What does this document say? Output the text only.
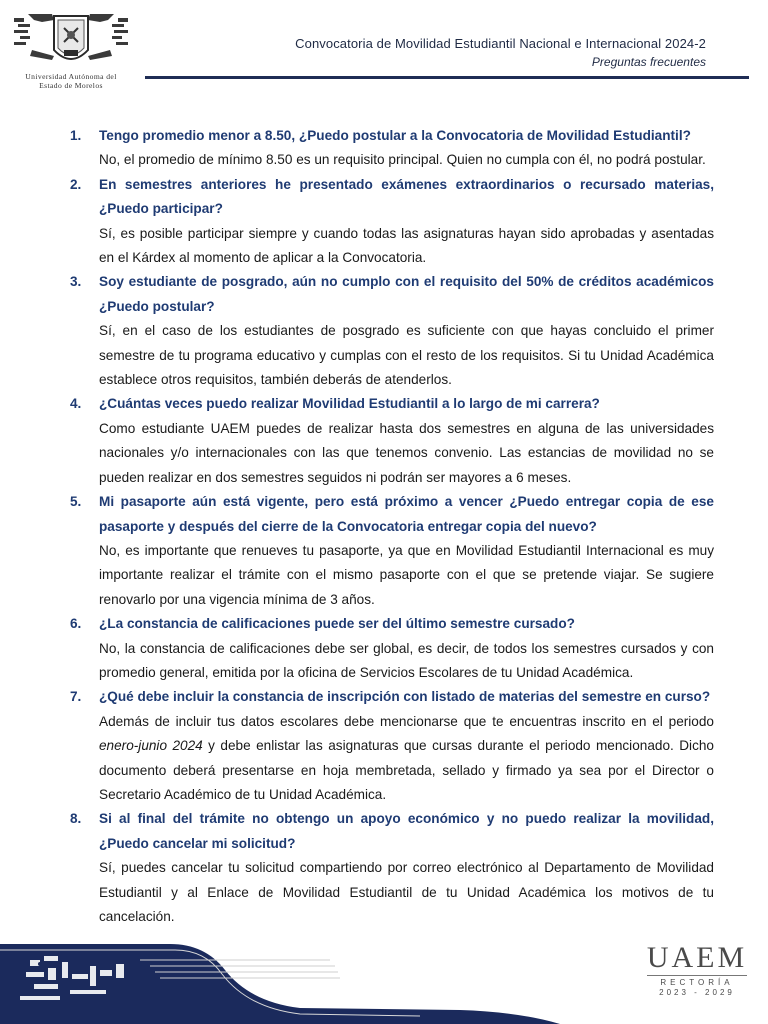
Universidad Autónoma del
Estado de Morelos
Convocatoria de Movilidad Estudiantil Nacional e Internacional 2024-2
Preguntas frecuentes
1. Tengo promedio menor a 8.50, ¿Puedo postular a la Convocatoria de Movilidad Estudiantil?
No, el promedio de mínimo 8.50 es un requisito principal. Quien no cumpla con él, no podrá postular.
2. En semestres anteriores he presentado exámenes extraordinarios o recursado materias, ¿Puedo participar?
Sí, es posible participar siempre y cuando todas las asignaturas hayan sido aprobadas y asentadas en el Kárdex al momento de aplicar a la Convocatoria.
3. Soy estudiante de posgrado, aún no cumplo con el requisito del 50% de créditos académicos ¿Puedo postular?
Sí, en el caso de los estudiantes de posgrado es suficiente con que hayas concluido el primer semestre de tu programa educativo y cumplas con el resto de los requisitos. Si tu Unidad Académica establece otros requisitos, también deberás de atenderlos.
4. ¿Cuántas veces puedo realizar Movilidad Estudiantil a lo largo de mi carrera?
Como estudiante UAEM puedes de realizar hasta dos semestres en alguna de las universidades nacionales y/o internacionales con las que tenemos convenio. Las estancias de movilidad no se pueden realizar en dos semestres seguidos ni podrán ser mayores a 6 meses.
5. Mi pasaporte aún está vigente, pero está próximo a vencer ¿Puedo entregar copia de ese pasaporte y después del cierre de la Convocatoria entregar copia del nuevo?
No, es importante que renueves tu pasaporte, ya que en Movilidad Estudiantil Internacional es muy importante realizar el trámite con el mismo pasaporte con el que se pretende viajar. Se sugiere renovarlo por una vigencia mínima de 3 años.
6. ¿La constancia de calificaciones puede ser del último semestre cursado?
No, la constancia de calificaciones debe ser global, es decir, de todos los semestres cursados y con promedio general, emitida por la oficina de Servicios Escolares de tu Unidad Académica.
7. ¿Qué debe incluir la constancia de inscripción con listado de materias del semestre en curso?
Además de incluir tus datos escolares debe mencionarse que te encuentras inscrito en el periodo enero-junio 2024 y debe enlistar las asignaturas que cursas durante el periodo mencionado. Dicho documento deberá presentarse en hoja membretada, sellado y firmado ya sea por el Director o Secretario Académico de tu Unidad Académica.
8. Si al final del trámite no obtengo un apoyo económico y no puedo realizar la movilidad, ¿Puedo cancelar mi solicitud?
Sí, puedes cancelar tu solicitud compartiendo por correo electrónico al Departamento de Movilidad Estudiantil y al Enlace de Movilidad Estudiantil de tu Unidad Académica los motivos de tu cancelación.
UAEM
RECTORÍA
2023 - 2029
